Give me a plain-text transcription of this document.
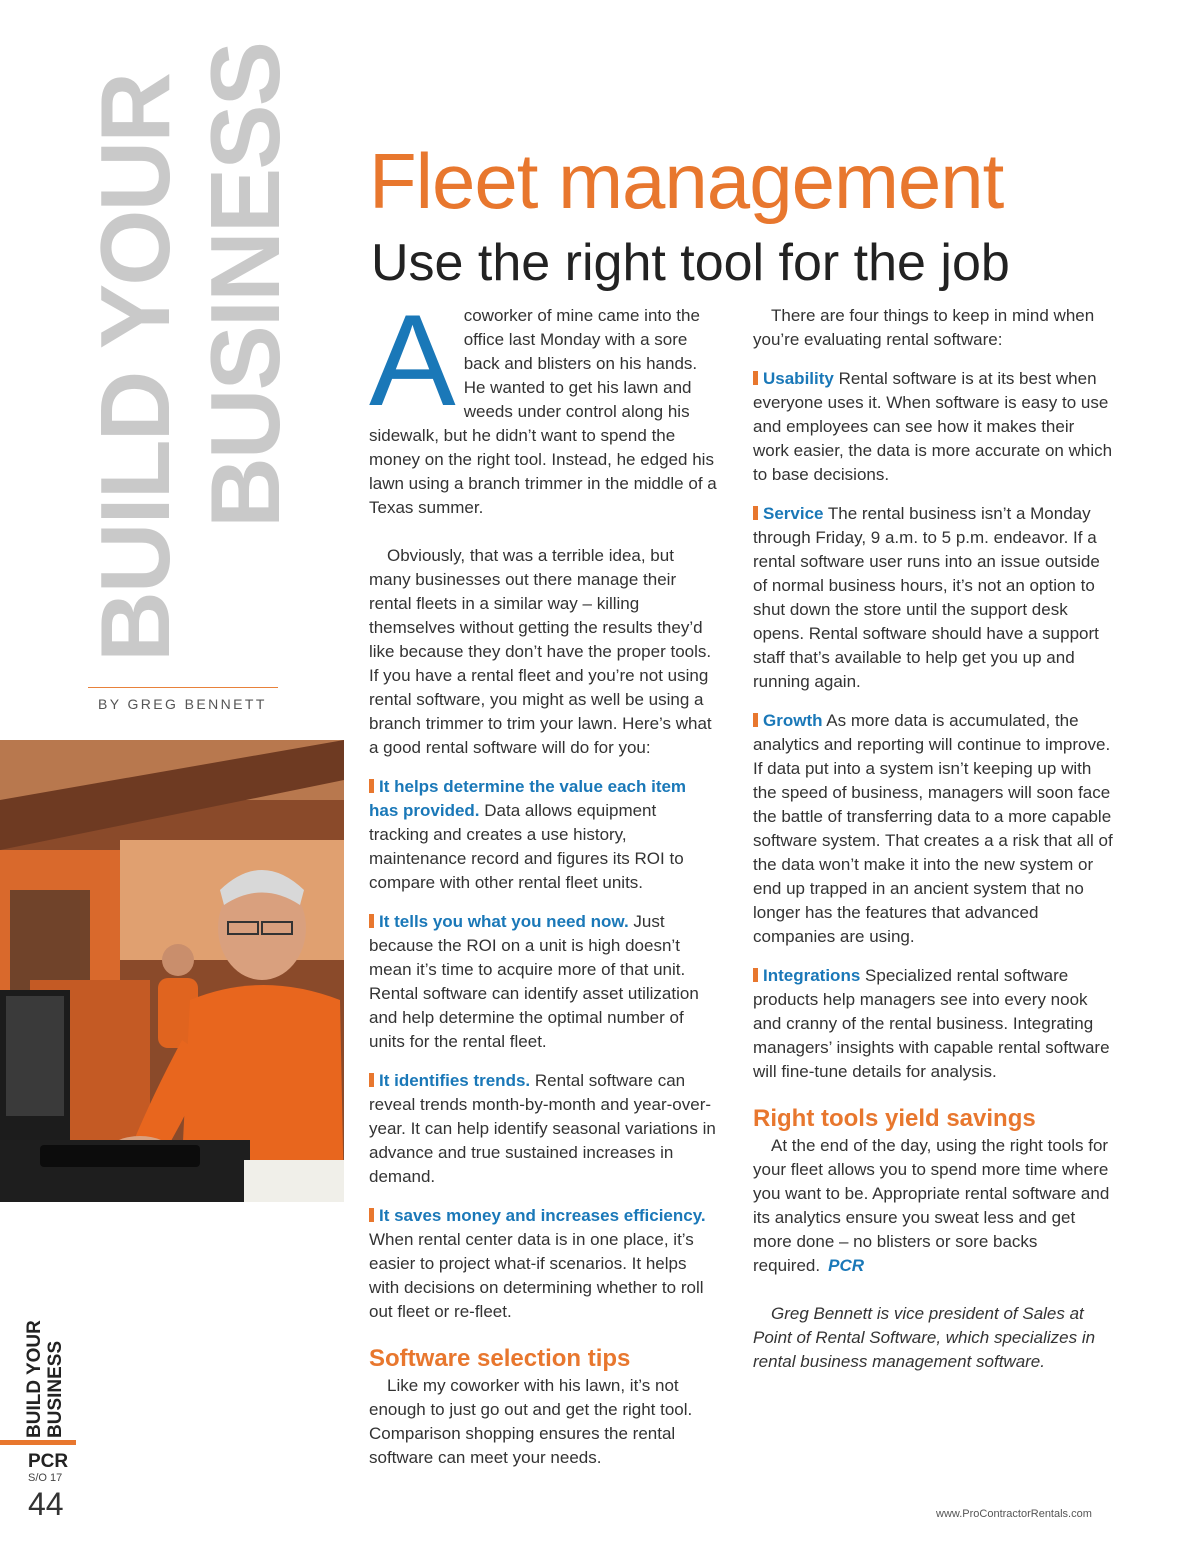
BUILD YOUR BUSINESS
BY GREG BENNETT
Fleet management
Use the right tool for the job

Acoworker of mine came into the office last Monday with a sore back and blisters on his hands. He wanted to get his lawn and weeds under control along his sidewalk, but he didn’t want to spend the money on the right tool. Instead, he edged his lawn using a branch trimmer in the middle of a Texas summer.

Obviously, that was a terrible idea, but many businesses out there manage their rental fleets in a similar way – killing themselves without getting the results they’d like because they don’t have the proper tools. If you have a rental fleet and you’re not using rental software, you might as well be using a branch trimmer to trim your lawn. Here’s what a good rental software will do for you:

It helps determine the value each item has provided. Data allows equipment tracking and creates a use history, maintenance record and figures its ROI to compare with other rental fleet units.

It tells you what you need now. Just because the ROI on a unit is high doesn’t mean it’s time to acquire more of that unit. Rental software can identify asset utilization and help determine the optimal number of units for the rental fleet.

It identifies trends. Rental software can reveal trends month-by-month and year-over-year. It can help identify seasonal variations in advance and true sustained increases in demand.

It saves money and increases efficiency. When rental center data is in one place, it’s easier to project what-if scenarios. It helps with decisions on determining whether to roll out fleet or re-fleet.

Software selection tips

Like my coworker with his lawn, it’s not enough to just go out and get the right tool. Comparison shopping ensures the rental software can meet your needs.

There are four things to keep in mind when you’re evaluating rental software:

Usability Rental software is at its best when everyone uses it. When software is easy to use and employees can see how it makes their work easier, the data is more accurate on which to base decisions.

Service The rental business isn’t a Monday through Friday, 9 a.m. to 5 p.m. endeavor. If a rental software user runs into an issue outside of normal business hours, it’s not an option to shut down the store until the support desk opens. Rental software should have a support staff that’s available to help get you up and running again.

Growth As more data is accumulated, the analytics and reporting will continue to improve. If data put into a system isn’t keeping up with the speed of business, managers will soon face the battle of transferring data to a more capable software system. That creates a a risk that all of the data won’t make it into the new system or end up trapped in an ancient system that no longer has the features that advanced companies are using.

Integrations Specialized rental software products help managers see into every nook and cranny of the rental business. Integrating managers’ insights with capable rental software will fine-tune details for analysis.

Right tools yield savings

At the end of the day, using the right tools for your fleet allows you to spend more time where you want to be. Appropriate rental software and its analytics ensure you sweat less and get more done – no blisters or sore backs required. PCR

Greg Bennett is vice president of Sales at Point of Rental Software, which specializes in rental business management software.

BUILD YOUR BUSINESS
PCR
S/O 17
44	www.ProContractorRentals.com
